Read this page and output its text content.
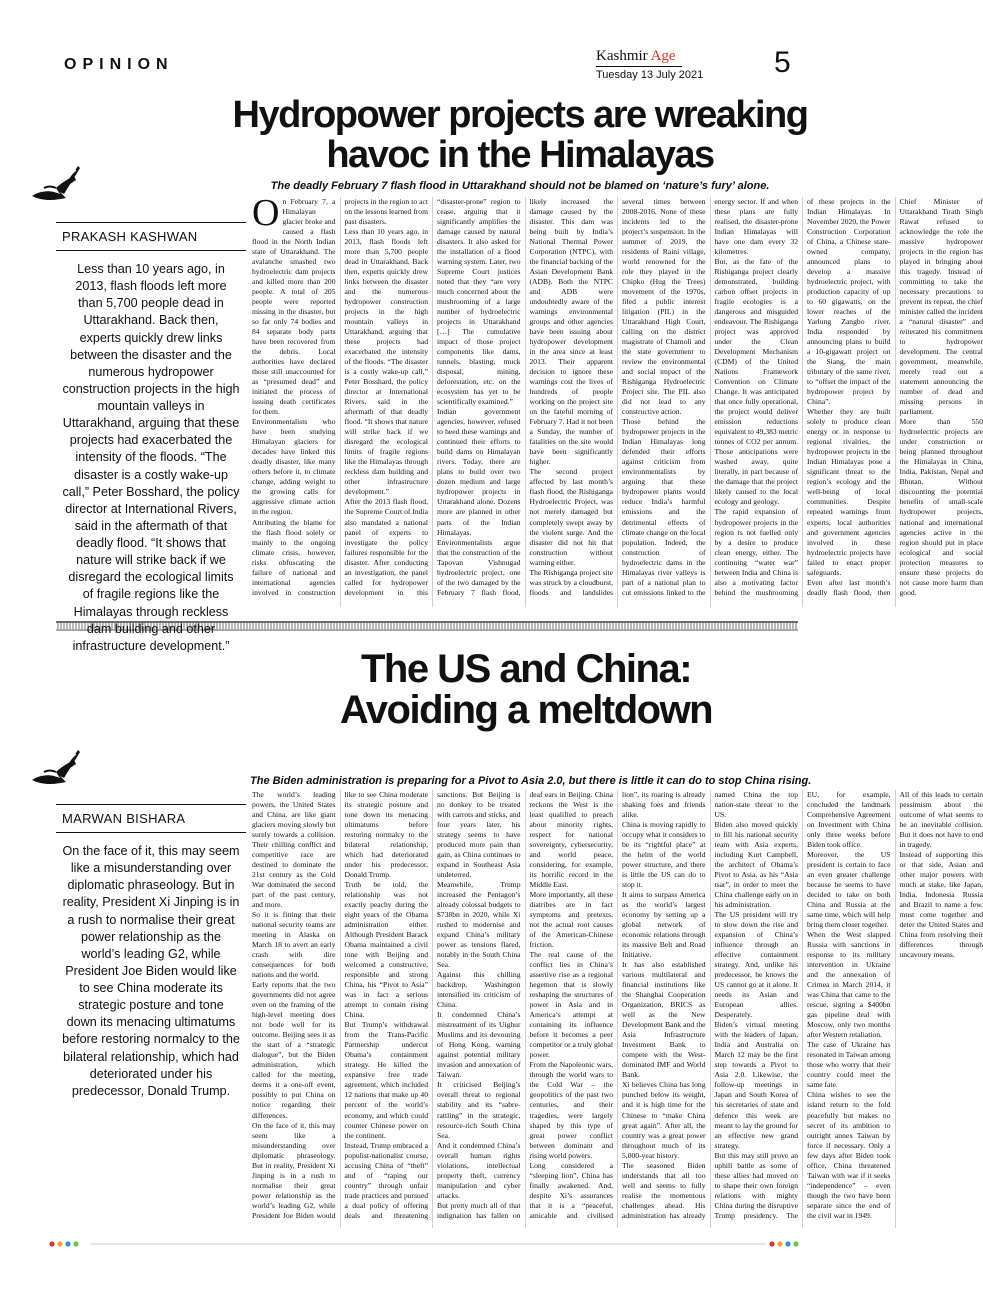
OPINION	Kashmir Age
Tuesday 13 July 2021	5
Hydropower projects are wreaking havoc in the Himalayas
The deadly February 7 flash flood in Uttarakhand should not be blamed on ‘nature’s fury’ alone.
PRAKASH KASHWAN
Less than 10 years ago, in 2013, flash floods left more than 5,700 people dead in Uttarakhand. Back then, experts quickly drew links between the disaster and the numerous hydropower construction projects in the high mountain valleys in Uttarakhand, arguing that these projects had exacerbated the intensity of the floods. “The disaster is a costly wake-up call,” Peter Bosshard, the policy director at International Rivers, said in the aftermath of that deadly flood. “It shows that nature will strike back if we disregard the ecological limits of fragile regions like the Himalayas through reckless dam building and other infrastructure development.”

On February 7, a Himalayan glacier broke and caused a flash flood in the North Indian state of Uttarakhand. The avalanche smashed two hydroelectric dam projects and killed more than 200 people. A total of 205 people were reported missing in the disaster, but so far only 74 bodies and 84 separate body parts have been recovered from the debris. Local authorities have declared those still unaccounted for as “presumed dead” and initiated the process of issuing death certificates for them.

Environmentalists who have been studying Himalayan glaciers for decades have linked this deadly disaster, like many others before it, to climate change, adding weight to the growing calls for aggressive climate action in the region.

Attributing the blame for the flash flood solely or mainly to the ongoing climate crisis, however, risks obfuscating the failure of national and international agencies involved in construction projects in the region to act on the lessons learned from past disasters.

Less than 10 years ago, in 2013, flash floods left more than 5,700 people dead in Uttarakhand. Back then, experts quickly drew links between the disaster and the numerous hydropower construction projects in the high mountain valleys in Uttarakhand, arguing that these projects had exacerbated the intensity of the floods. “The disaster is a costly wake-up call,” Peter Bosshard, the policy director at International Rivers, said in the aftermath of that deadly flood. “It shows that nature will strike back if we disregard the ecological limits of fragile regions like the Himalayas through reckless dam building and other infrastructure development.”

After the 2013 flash flood, the Supreme Court of India also mandated a national panel of experts to investigate the policy failures responsible for the disaster. After conducting an investigation, the panel called for hydropower development in this “disaster-prone” region to cease, arguing that it significantly amplifies the damage caused by natural disasters. It also asked for the installation of a flood warning system. Later, two Supreme Court justices noted that they “are very much concerned about the mushrooming of a large number of hydroelectric projects in Uttarakhand […] The cumulative impact of those project components like dams, tunnels, blasting, muck disposal, mining, deforestation, etc. on the ecosystem has yet to be scientifically examined.”

Indian government agencies, however, refused to heed these warnings and continued their efforts to build dams on Himalayan rivers. Today, there are plans to build over two dozen medium and large hydropower projects in Uttarakhand alone. Dozens more are planned in other parts of the Indian Himalayas.

Environmentalists argue that the construction of the Tapovan Vishnugad hydroelectric project, one of the two damaged by the February 7 flash flood, likely increased the damage caused by the disaster. This dam was being built by India’s National Thermal Power Corporation (NTPC), with the financial backing of the Asian Development Bank (ADB). Both the NTPC and ADB were undoubtedly aware of the warnings environmental groups and other agencies have been issuing about hydropower development in the area since at least 2013. Their apparent decision to ignore these warnings cost the lives of hundreds of people working on the project site on the fateful morning of February 7. Had it not been a Sunday, the number of fatalities on the site would have been significantly higher.

The second project affected by last month’s flash flood, the Rishiganga Hydroelectric Project, was not merely damaged but completely swept away by the violent surge. And the disaster did not hit that construction without warning either.

The Rishiganga project site was struck by a cloudburst, floods and landslides several times between 2008-2016. None of these incidents led to the project’s suspension. In the summer of 2019, the residents of Raini village, world renowned for the role they played in the Chipko (Hug the Trees) movement of the 1970s, filed a public interest litigation (PIL) in the Uttarakhand High Court, calling on the district magistrate of Chamoli and the state government to review the environmental and social impact of the Rishiganga Hydroelectric Project site. The PIL also did not lead to any constructive action.

Those behind the hydropower projects in the Indian Himalayas long defended their efforts against criticism from environmentalists by arguing that these hydropower plants would reduce India’s harmful emissions and the detrimental effects of climate change on the local population. Indeed, the construction of hydroelectric dams in the Himalayas river valleys is part of a national plan to cut emissions linked to the energy sector. If and when these plans are fully realised, the disaster-prone Indian Himalayas will have one dam every 32 kilometres.

But, as the fate of the Rishiganga project clearly demonstrated, building carbon offset projects in fragile ecologies is a dangerous and misguided endeavour. The Rishiganga project was approved under the Clean Development Mechanism (CDM) of the United Nations Framework Convention on Climate Change. It was anticipated that once fully operational, the project would deliver emission reductions equivalent to 49,383 metric tonnes of CO2 per annum. Those anticipations were washed away, quite literally, in part because of the damage that the project likely caused to the local ecology and geology.

The rapid expansion of hydropower projects in the region is not fuelled only by a desire to produce clean energy, either. The continuing “water war” between India and China is also a motivating factor behind the mushrooming of these projects in the Indian Himalayas. In November 2020, the Power Construction Corporation of China, a Chinese state-owned company, announced plans to develop a massive hydroelectric project, with production capacity of up to 60 gigawatts, on the lower reaches of the Yarlung Zangbo river. India responded by announcing plans to build a 10-gigawatt project on the Siang, the main tributary of the same river, to “offset the impact of the hydropower project by China”.

Whether they are built solely to produce clean energy or in response to regional rivalries, the hydropower projects in the Indian Himalayas pose a significant threat to the region’s ecology and the well-being of local communities. Despite repeated warnings from experts, local authorities and government agencies involved in these hydroelectric projects have failed to enact proper safeguards.

Even after last month’s deadly flash flood, then Chief Minister of Uttarakhand Tirath Singh Rawat refused to acknowledge the role the massive hydropower projects in the region has played in bringing about this tragedy. Instead of committing to take the necessary precautions to prevent its repeat, the chief minister called the incident a “natural disaster” and reiterated his commitment to hydropower development. The central government, meanwhile, merely read out a statement announcing the number of dead and missing persons in parliament.

More than 550 hydroelectric projects are under construction or being planned throughout the Himalayas in China, India, Pakistan, Nepal and Bhutan. Without discounting the potential benefits of small-scale hydropower projects, national and international agencies active in the region should put in place ecological and social protection measures to ensure these projects do not cause more harm than good.

The US and China: Avoiding a meltdown
The Biden administration is preparing for a Pivot to Asia 2.0, but there is little it can do to stop China rising.
MARWAN BISHARA
On the face of it, this may seem like a misunderstanding over diplomatic phraseology. But in reality, President Xi Jinping is in a rush to normalise their great power relationship as the world’s leading G2, while President Joe Biden would like to see China moderate its strategic posture and tone down its menacing ultimatums before restoring normalcy to the bilateral relationship, which had deteriorated under his predecessor, Donald Trump.

The world’s leading powers, the United States and China, are like giant glaciers moving slowly but surely towards a collision. Their chilling conflict and competitive race are destined to dominate the 21st century as the Cold War dominated the second part of the past century, and more.

So it is fitting that their national security teams are meeting in Alaska on March 18 to avert an early crash with dire consequences for both nations and the world.

Early reports that the two governments did not agree even on the framing of the high-level meeting does not bode well for its outcome. Beijing sees it as the start of a “strategic dialogue”, but the Biden administration, which called for the meeting, deems it a one-off event, possibly to put China on notice regarding their differences.

On the face of it, this may seem like a misunderstanding over diplomatic phraseology. But in reality, President Xi Jinping is in a rush to normalise their great power relationship as the world’s leading G2, while President Joe Biden would like to see China moderate its strategic posture and tone down its menacing ultimatums before restoring normalcy to the bilateral relationship, which had deteriorated under his predecessor, Donald Trump.

Truth be told, the relationship was not exactly peachy during the eight years of the Obama administration either. Although President Barack Obama maintained a civil tone with Beijing and welcomed a constructive, responsible and strong China, his “Pivot to Asia” was in fact a serious attempt to contain rising China.

But Trump’s withdrawal from the Trans-Pacific Partnership undercut Obama’s containment strategy. He killed the expansive free trade agreement, which included 12 nations that make up 40 percent of the world’s economy, and which could counter Chinese power on the continent.

Instead, Trump embraced a populist-nationalist course, accusing China of “theft” and of “raping our country” through unfair trade practices and pursued a dual policy of offering deals and threatening sanctions. But Beijing is no donkey to be treated with carrots and sticks, and four years later, his strategy seems to have produced more pain than gain, as China continues to expand in Southeast Asia undeterred.

Meanwhile, Trump increased the Pentagon’s already colossal budgets to $738bn in 2020, while Xi rushed to modernise and expand China’s military power as tensions flared, notably in the South China Sea.

Against this chilling backdrop, Washington intensified its criticism of China.

It condemned China’s mistreatment of its Uighur Muslims and its devouring of Hong Kong, warning against potential military invasion and annexation of Taiwan.

It criticised Beijing’s overall threat to regional stability and its “sabre-rattling” in the strategic, resource-rich South China Sea.

And it condemned China’s overall human rights violations, intellectual property theft, currency manipulation and cyber attacks.

But pretty much all of that indignation has fallen on deaf ears in Beijing. China reckons the West is the least qualified to preach about minority rights, respect for national sovereignty, cybersecurity, and world peace, considering, for example, its horrific record in the Middle East.

More importantly, all these diatribes are in fact symptoms and pretexts, not the actual root causes of the American-Chinese friction.

The real cause of the conflict lies in China’s assertive rise as a regional hegemon that is slowly reshaping the structures of power in Asia and in America’s attempt at containing its influence before it becomes a peer competitor or a truly global power.

From the Napoleonic wars, through the world wars to the Cold War – the geopolitics of the past two centuries, and their tragedies, were largely shaped by this type of great power conflict between dominant and rising world powers.

Long considered a “sleeping lion”, China has finally awakened. And, despite Xi’s assurances that it is a “peaceful, amicable and civilised lion”, its roaring is already shaking foes and friends alike.

China is moving rapidly to occupy what it considers to be its “rightful place” at the helm of the world power structure, and there is little the US can do to stop it.

It aims to surpass America as the world’s largest economy by setting up a global network of economic relations through its massive Belt and Road Initiative.

It has also established various multilateral and financial institutions like the Shanghai Cooperation Organization, BRICS as well as the New Development Bank and the Asia Infrastructure Investment Bank to compete with the West-dominated IMF and World Bank.

Xi believes China has long punched below its weight, and it is high time for the Chinese to “make China great again”. After all, the country was a great power throughout much of its 5,000-year history.

The seasoned Biden understands that all too well and seems to fully realise the momentous challenges ahead. His administration has already named China the top nation-state threat to the US.

Biden also moved quickly to fill his national security team with Asia experts, including Kurt Campbell, the architect of Obama’s Pivot to Asia, as his “Asia tsar”, in order to meet the China challenge early on in his administration.

The US president will try to slow down the rise and expansion of China’s influence through an effective containment strategy. And, unlike his predecessor, he knows the US cannot go at it alone. It needs its Asian and European allies. Desperately.

Biden’s virtual meeting with the leaders of Japan, India and Australia on March 12 may be the first step towards a Pivot to Asia 2.0. Likewise, the follow-up meetings in Japan and South Korea of his secretaries of state and defence this week are meant to lay the ground for an effective new grand strategy.

But this may still prove an uphill battle as some of these allies had moved on to shape their own foreign relations with mighty China during the disruptive Trump presidency. The EU, for example, concluded the landmark Comprehensive Agreement on Investment with China only three weeks before Biden took office.

Moreover, the US president is certain to face an even greater challenge because he seems to have decided to take on both China and Russia at the same time, which will help bring them closer together.

When the West slapped Russia with sanctions in response to its military intervention in Ukraine and the annexation of Crimea in March 2014, it was China that came to the rescue, signing a $400bn gas pipeline deal with Moscow, only two months after Western retaliation.

The case of Ukraine has resonated in Taiwan among those who worry that their country could meet the same fate.

China wishes to see the island return to the fold peacefully but makes no secret of its ambition to outright annex Taiwan by force if necessary. Only a few days after Biden took office, China threatened Taiwan with war if it seeks “independence” – even though the two have been separate since the end of the civil war in 1949.

All of this leads to certain pessimism about the outcome of what seems to be an inevitable collision. But it does not have to end in tragedy.

Instead of supporting this or that side, Asian and other major powers with much at stake, like Japan, India, Indonesia Russia and Brazil to name a few, must come together and deter the United States and China from resolving their differences through uncavoury means.
